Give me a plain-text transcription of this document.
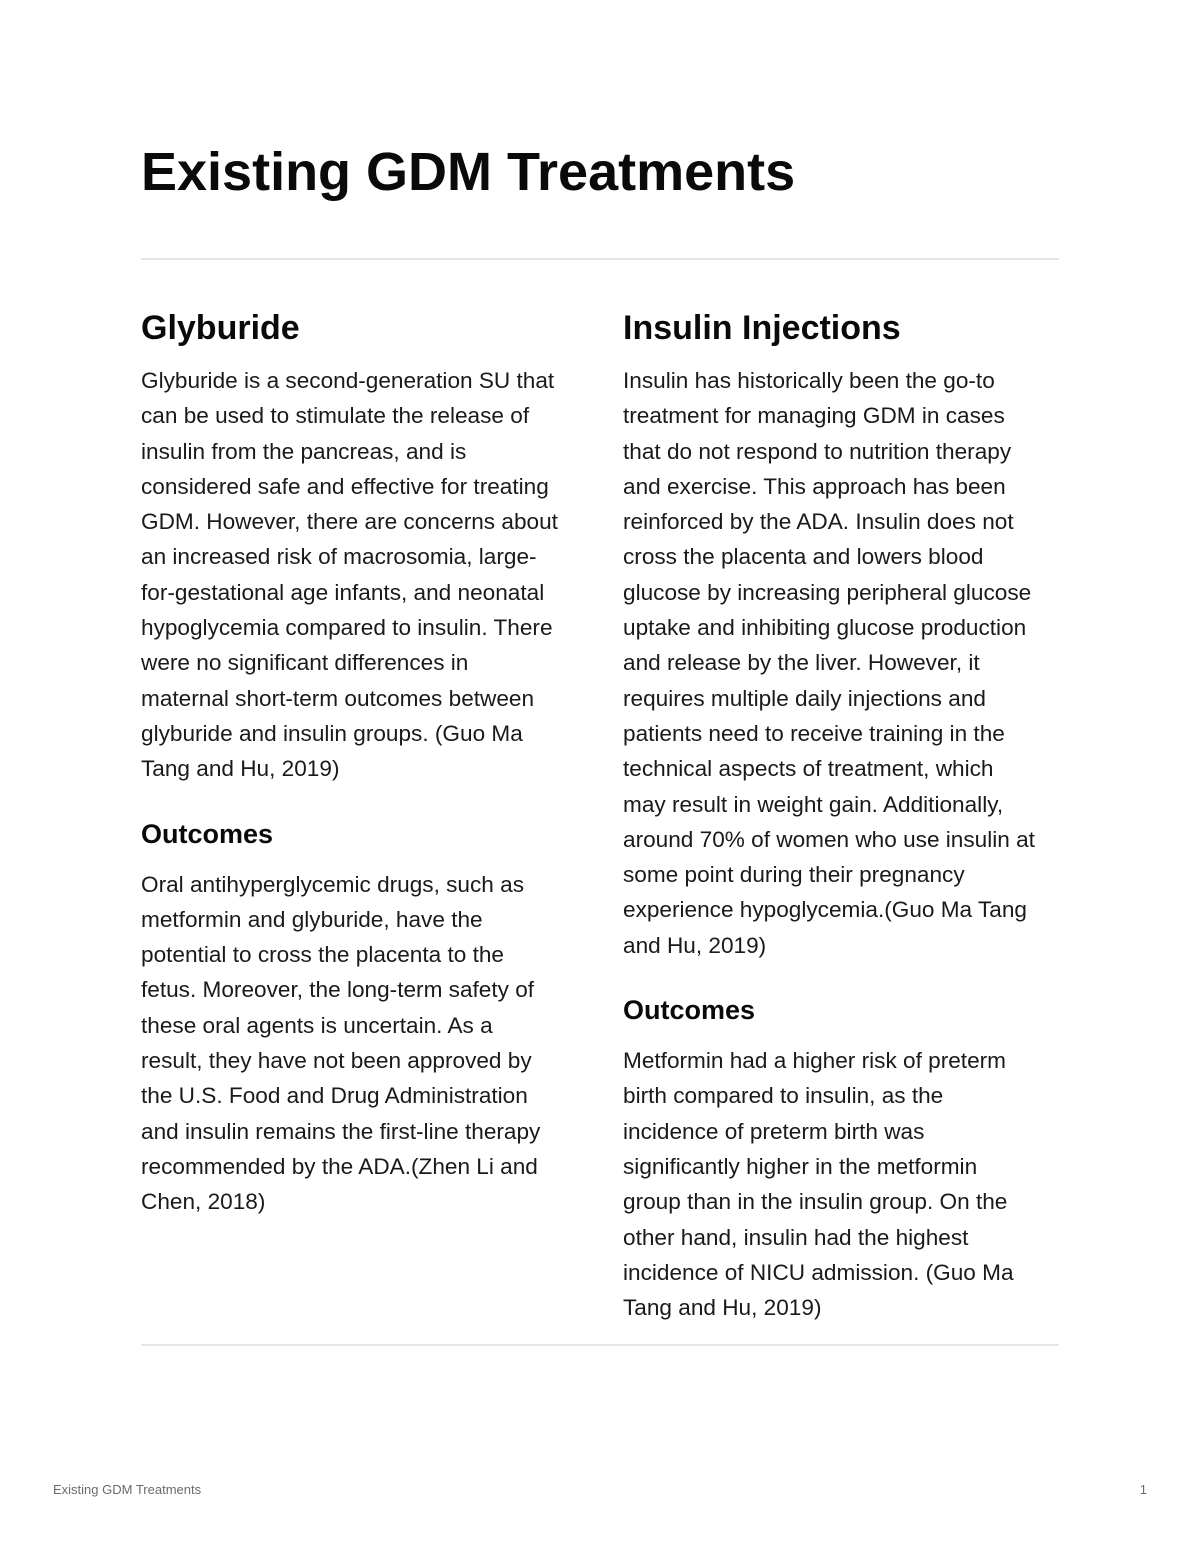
Existing GDM Treatments
Glyburide

Glyburide is a second-generation SU that
can be used to stimulate the release of
insulin from the pancreas, and is
considered safe and effective for treating
GDM. However, there are concerns about
an increased risk of macrosomia, large-
for-gestational age infants, and neonatal
hypoglycemia compared to insulin. There
were no significant differences in
maternal short-term outcomes between
glyburide and insulin groups. (Guo Ma
Tang and Hu, 2019)

Outcomes

Oral antihyperglycemic drugs, such as
metformin and glyburide, have the
potential to cross the placenta to the
fetus. Moreover, the long-term safety of
these oral agents is uncertain. As a
result, they have not been approved by
the U.S. Food and Drug Administration
and insulin remains the first-line therapy
recommended by the ADA.(Zhen Li and
Chen, 2018)

Insulin Injections

Insulin has historically been the go-to
treatment for managing GDM in cases
that do not respond to nutrition therapy
and exercise. This approach has been
reinforced by the ADA. Insulin does not
cross the placenta and lowers blood
glucose by increasing peripheral glucose
uptake and inhibiting glucose production
and release by the liver. However, it
requires multiple daily injections and
patients need to receive training in the
technical aspects of treatment, which
may result in weight gain. Additionally,
around 70% of women who use insulin at
some point during their pregnancy
experience hypoglycemia.(Guo Ma Tang
and Hu, 2019)

Outcomes

Metformin had a higher risk of preterm
birth compared to insulin, as the
incidence of preterm birth was
significantly higher in the metformin
group than in the insulin group. On the
other hand, insulin had the highest
incidence of NICU admission. (Guo Ma
Tang and Hu, 2019)

Existing GDM Treatments	1
